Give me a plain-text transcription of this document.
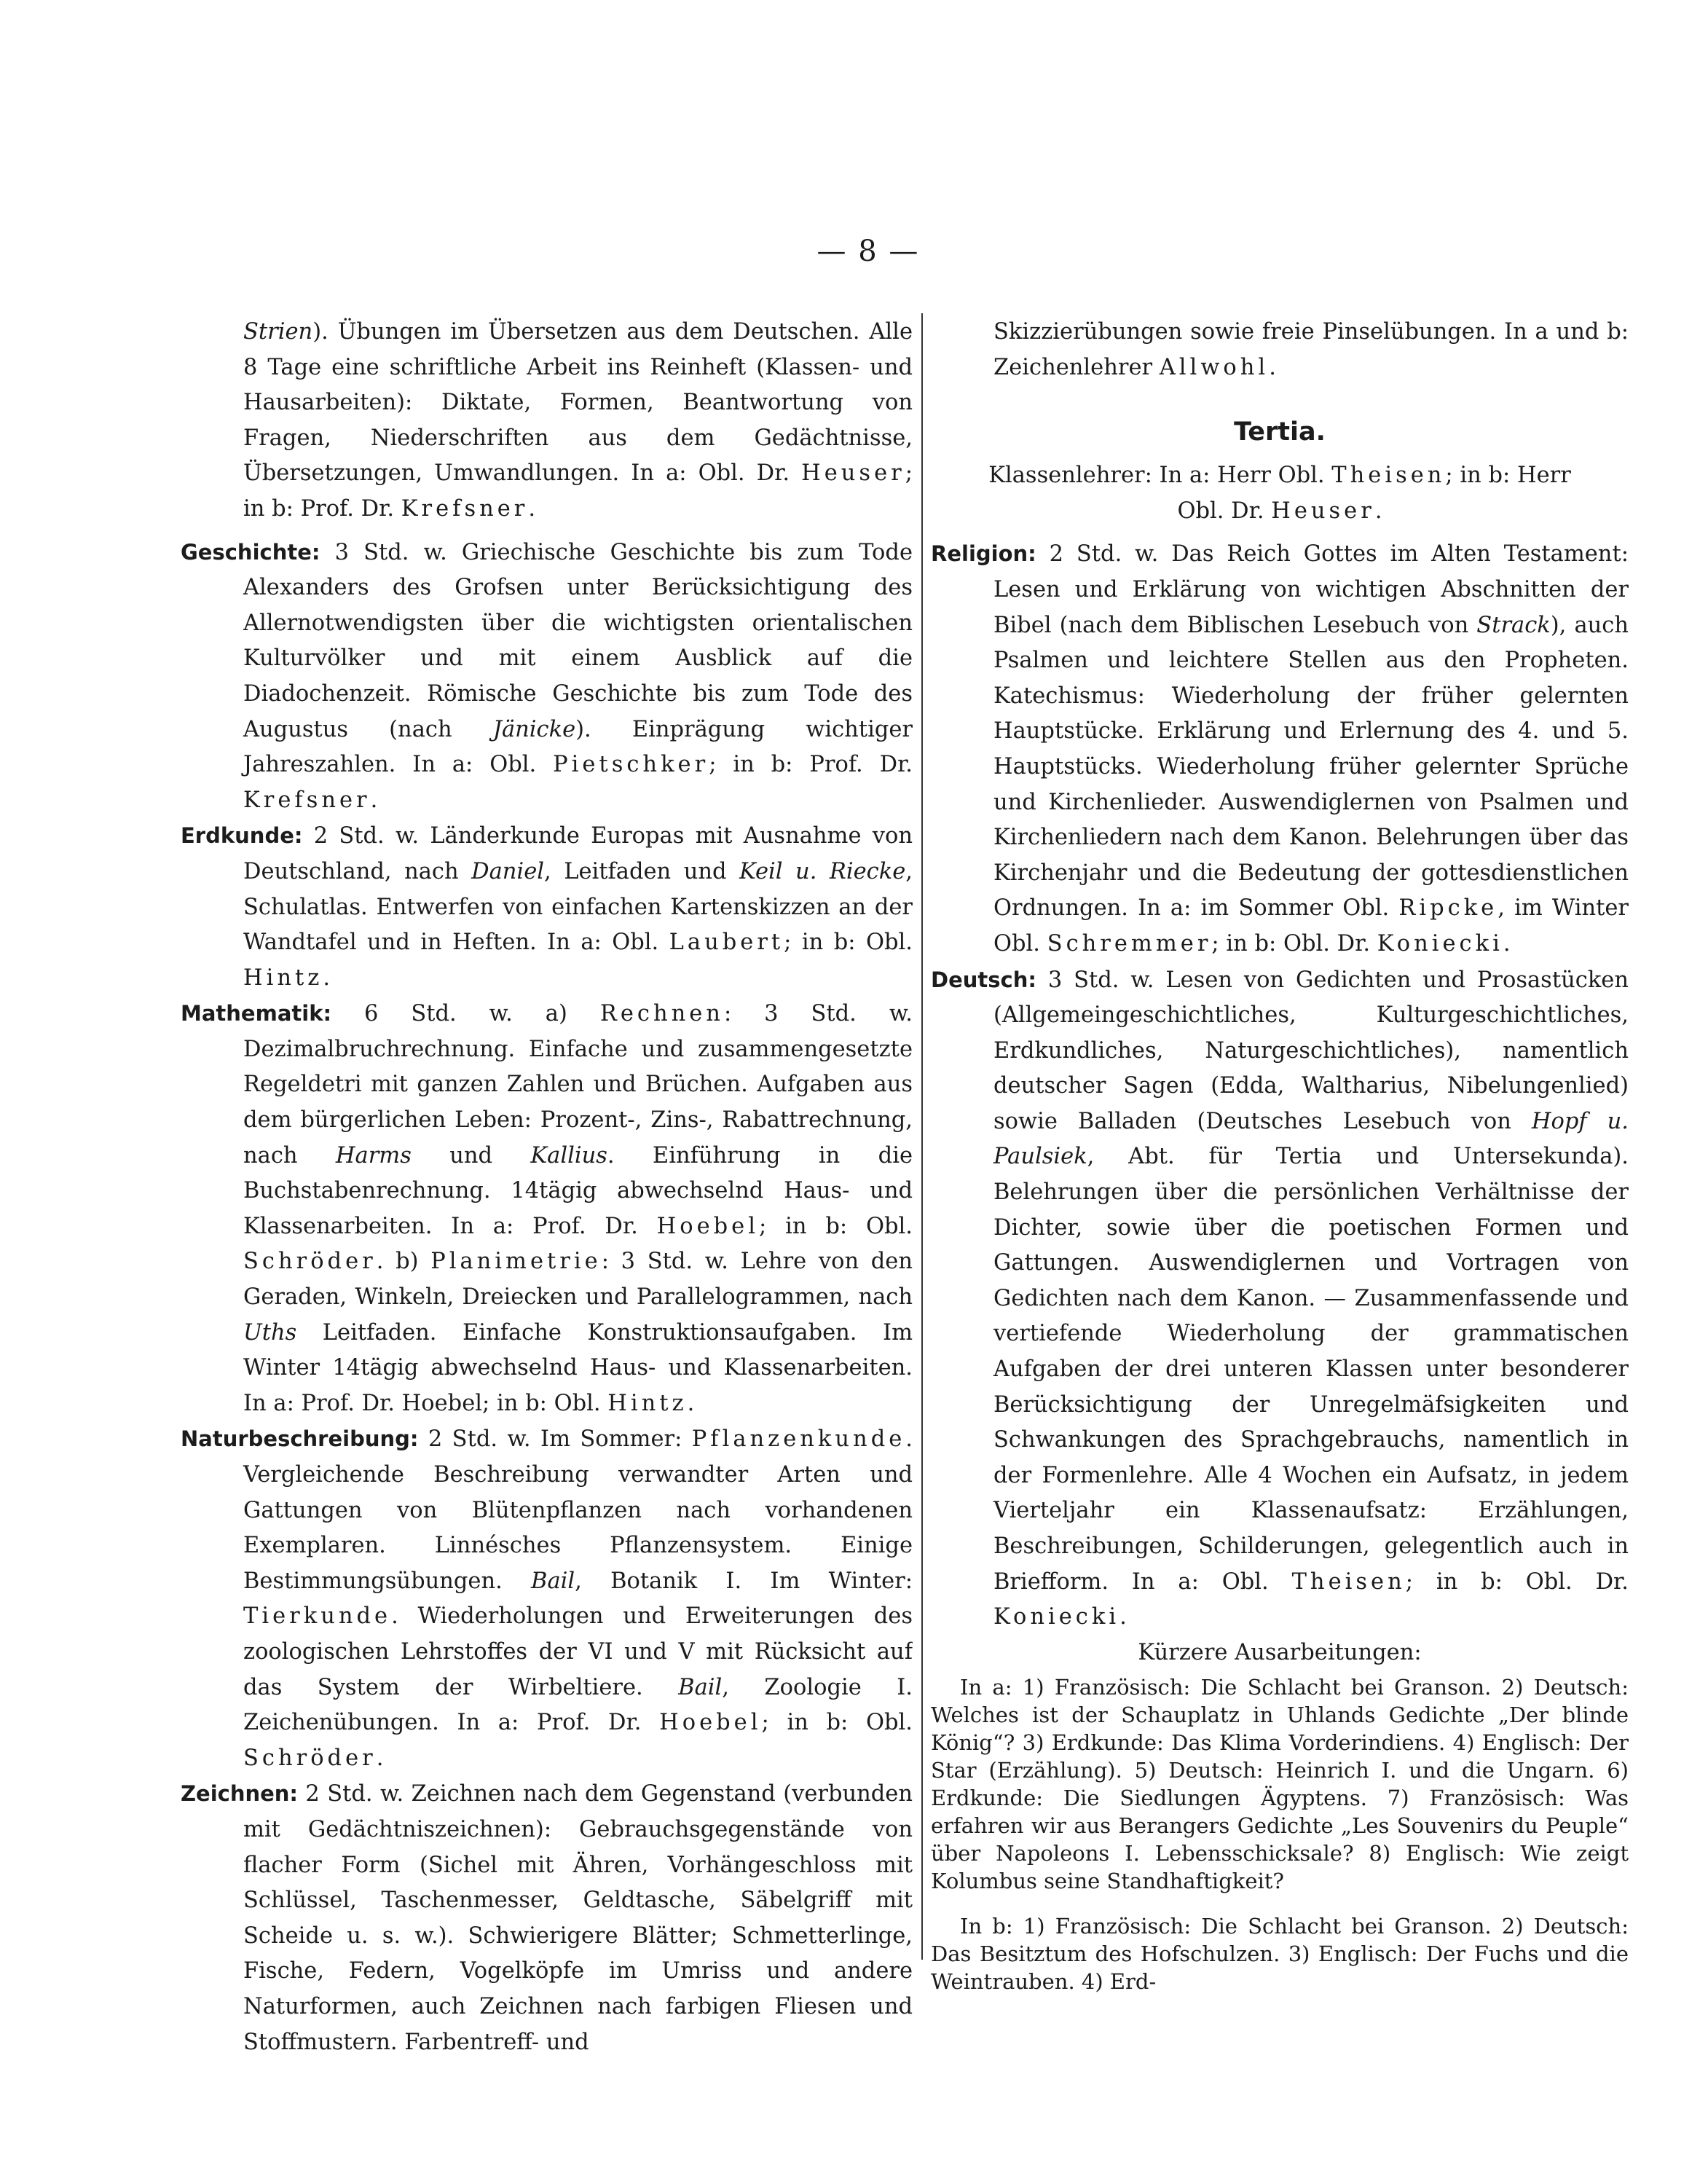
— 8 —

Strien). Übungen im Übersetzen aus dem Deutschen. Alle 8 Tage eine schriftliche Arbeit ins Reinheft (Klassen- und Hausarbeiten): Diktate, Formen, Beantwortung von Fragen, Niederschriften aus dem Gedächtnisse, Übersetzungen, Umwandlungen. In a: Obl. Dr. Heuser; in b: Prof. Dr. Krefsner.

Geschichte: 3 Std. w. Griechische Geschichte bis zum Tode Alexanders des Grofsen unter Berücksichtigung des Allernotwendigsten über die wichtigsten orientalischen Kulturvölker und mit einem Ausblick auf die Diadochenzeit. Römische Geschichte bis zum Tode des Augustus (nach Jänicke). Einprägung wichtiger Jahreszahlen. In a: Obl. Pietschker; in b: Prof. Dr. Krefsner.

Erdkunde: 2 Std. w. Länderkunde Europas mit Ausnahme von Deutschland, nach Daniel, Leitfaden und Keil u. Riecke, Schulatlas. Entwerfen von einfachen Kartenskizzen an der Wandtafel und in Heften. In a: Obl. Laubert; in b: Obl. Hintz.

Mathematik: 6 Std. w. a) Rechnen: 3 Std. w. Dezimalbruchrechnung. Einfache und zusammengesetzte Regeldetri mit ganzen Zahlen und Brüchen. Aufgaben aus dem bürgerlichen Leben: Prozent-, Zins-, Rabattrechnung, nach Harms und Kallius. Einführung in die Buchstabenrechnung. 14tägig abwechselnd Haus- und Klassenarbeiten. In a: Prof. Dr. Hoebel; in b: Obl. Schröder. b) Planimetrie: 3 Std. w. Lehre von den Geraden, Winkeln, Dreiecken und Parallelogrammen, nach Uths Leitfaden. Einfache Konstruktionsaufgaben. Im Winter 14tägig abwechselnd Haus- und Klassenarbeiten. In a: Prof. Dr. Hoebel; in b: Obl. Hintz.

Naturbeschreibung: 2 Std. w. Im Sommer: Pflanzenkunde. Vergleichende Beschreibung verwandter Arten und Gattungen von Blütenpflanzen nach vorhandenen Exemplaren. Linnésches Pflanzensystem. Einige Bestimmungsübungen. Bail, Botanik I. Im Winter: Tierkunde. Wiederholungen und Erweiterungen des zoologischen Lehrstoffes der VI und V mit Rücksicht auf das System der Wirbeltiere. Bail, Zoologie I. Zeichenübungen. In a: Prof. Dr. Hoebel; in b: Obl. Schröder.

Zeichnen: 2 Std. w. Zeichnen nach dem Gegenstand (verbunden mit Gedächtniszeichnen): Gebrauchsgegenstände von flacher Form (Sichel mit Ähren, Vorhängeschloss mit Schlüssel, Taschenmesser, Geldtasche, Säbelgriff mit Scheide u. s. w.). Schwierigere Blätter; Schmetterlinge, Fische, Federn, Vogelköpfe im Umriss und andere Naturformen, auch Zeichnen nach farbigen Fliesen und Stoffmustern. Farbentreff- und

Skizzierübungen sowie freie Pinselübungen. In a und b: Zeichenlehrer Allwohl.

Tertia.

Klassenlehrer: In a: Herr Obl. Theisen; in b: Herr
Obl. Dr. Heuser.

Religion: 2 Std. w. Das Reich Gottes im Alten Testament: Lesen und Erklärung von wichtigen Abschnitten der Bibel (nach dem Biblischen Lesebuch von Strack), auch Psalmen und leichtere Stellen aus den Propheten. Katechismus: Wiederholung der früher gelernten Hauptstücke. Erklärung und Erlernung des 4. und 5. Hauptstücks. Wiederholung früher gelernter Sprüche und Kirchenlieder. Auswendiglernen von Psalmen und Kirchenliedern nach dem Kanon. Belehrungen über das Kirchenjahr und die Bedeutung der gottesdienstlichen Ordnungen. In a: im Sommer Obl. Ripcke, im Winter Obl. Schremmer; in b: Obl. Dr. Koniecki.

Deutsch: 3 Std. w. Lesen von Gedichten und Prosastücken (Allgemeingeschichtliches, Kulturgeschichtliches, Erdkundliches, Naturgeschichtliches), namentlich deutscher Sagen (Edda, Waltharius, Nibelungenlied) sowie Balladen (Deutsches Lesebuch von Hopf u. Paulsiek, Abt. für Tertia und Untersekunda). Belehrungen über die persönlichen Verhältnisse der Dichter, sowie über die poetischen Formen und Gattungen. Auswendiglernen und Vortragen von Gedichten nach dem Kanon. — Zusammenfassende und vertiefende Wiederholung der grammatischen Aufgaben der drei unteren Klassen unter besonderer Berücksichtigung der Unregelmäfsigkeiten und Schwankungen des Sprachgebrauchs, namentlich in der Formenlehre. Alle 4 Wochen ein Aufsatz, in jedem Vierteljahr ein Klassenaufsatz: Erzählungen, Beschreibungen, Schilderungen, gelegentlich auch in Briefform. In a: Obl. Theisen; in b: Obl. Dr. Koniecki.

Kürzere Ausarbeitungen:

In a: 1) Französisch: Die Schlacht bei Granson. 2) Deutsch: Welches ist der Schauplatz in Uhlands Gedichte „Der blinde König“? 3) Erdkunde: Das Klima Vorderindiens. 4) Englisch: Der Star (Erzählung). 5) Deutsch: Heinrich I. und die Ungarn. 6) Erdkunde: Die Siedlungen Ägyptens. 7) Französisch: Was erfahren wir aus Berangers Gedichte „Les Souvenirs du Peuple“ über Napoleons I. Lebensschicksale? 8) Englisch: Wie zeigt Kolumbus seine Standhaftigkeit?

In b: 1) Französisch: Die Schlacht bei Granson. 2) Deutsch: Das Besitztum des Hofschulzen. 3) Englisch: Der Fuchs und die Weintrauben. 4) Erd-
